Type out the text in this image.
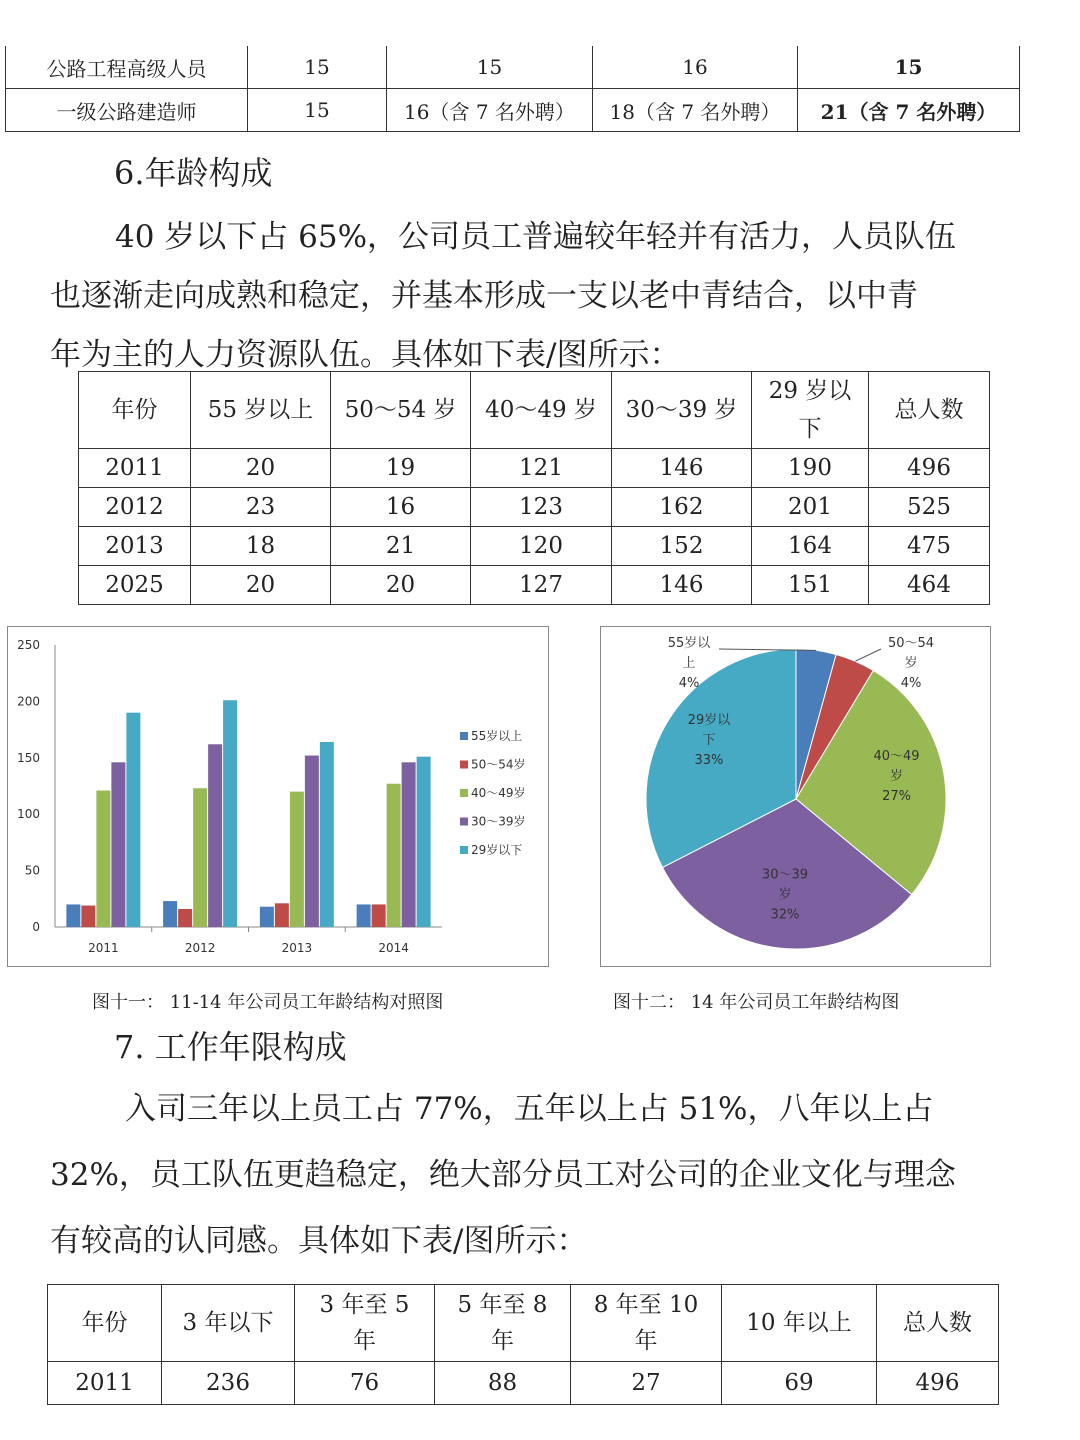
公路工程高级人员	15	15	16	15
一级公路建造师	15	16（含 7 名外聘）	18（含 7 名外聘）	21（含 7 名外聘）
6.年龄构成
40 岁以下占 65%，公司员工普遍较年轻并有活力，人员队伍
也逐渐走向成熟和稳定，并基本形成一支以老中青结合，以中青
年为主的人力资源队伍。具体如下表/图所示：
年份	55 岁以上	50～54 岁	40～49 岁	30～39 岁	29 岁以下	总人数
2011	20	19	121	146	190	496
2012	23	16	123	162	201	525
2013	18	21	120	152	164	475
2025	20	20	127	146	151	464
0
50
100
150
200
250
2011	2012	2013	2014
55岁以上
50～54岁
40～49岁
30～39岁
29岁以下
55岁以
上
4%
50～54
岁
4%
40～49
岁
27%
30～39
岁
32%
29岁以
下
33%
图十一： 11-14 年公司员工年龄结构对照图	图十二： 14 年公司员工年龄结构图
7. 工作年限构成
入司三年以上员工占 77%，五年以上占 51%，八年以上占
32%，员工队伍更趋稳定，绝大部分员工对公司的企业文化与理念
有较高的认同感。具体如下表/图所示：
年份	3 年以下	3 年至 5 年	5 年至 8 年	8 年至 10 年	10 年以上	总人数
2011	236	76	88	27	69	496
